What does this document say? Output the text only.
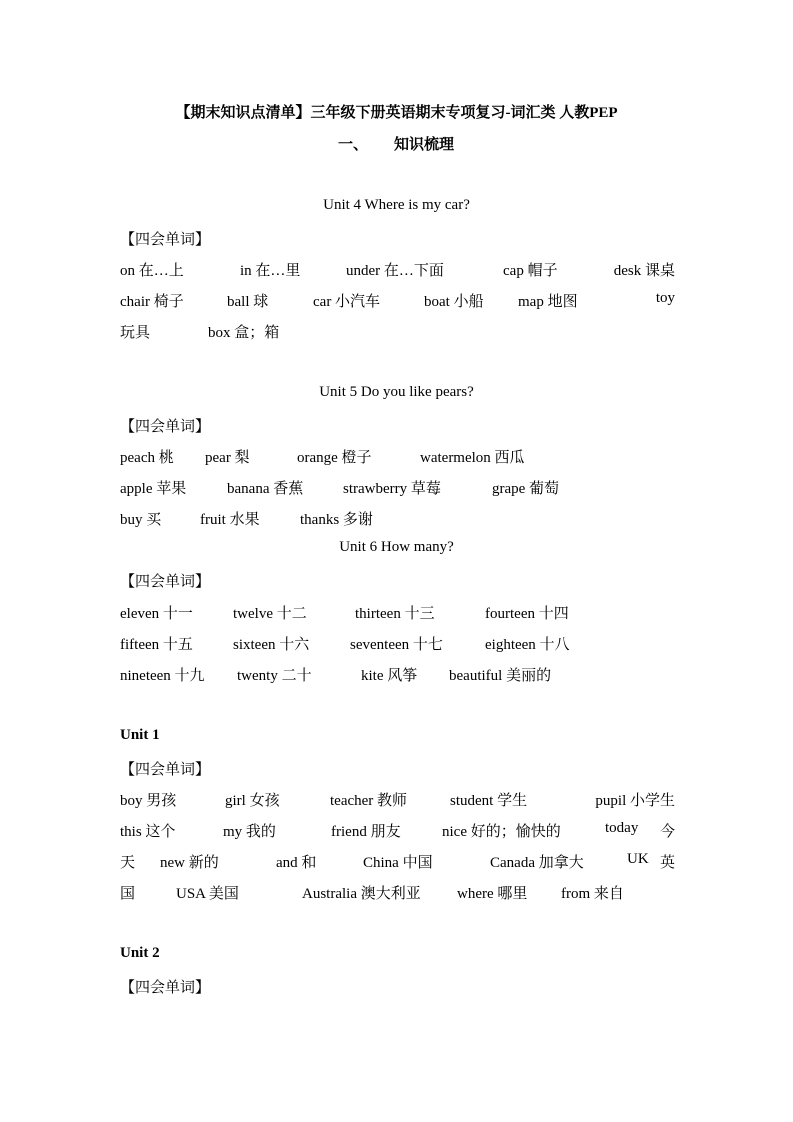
【期末知识点清单】三年级下册英语期末专项复习-词汇类 人教PEP
一、 知识梳理
Unit 4 Where is my car?
【四会单词】
on 在…上	in 在…里	under 在…下面	cap 帽子	desk 课桌
chair 椅子	ball 球	car 小汽车	boat 小船 map 地图	toy
玩具	box 盒；箱
Unit 5 Do you like pears?
【四会单词】
peach 桃 pear 梨	orange 橙子	watermelon 西瓜
apple 苹果	banana 香蕉	strawberry 草莓	grape 葡萄
buy 买	fruit 水果	thanks 多谢
Unit 6 How many?
【四会单词】
eleven 十一	twelve 十二	thirteen 十三	fourteen 十四
fifteen 十五	sixteen 十六	seventeen 十七	eighteen 十八
nineteen 十九 twenty 二十	kite 风筝 beautiful 美丽的
Unit 1
【四会单词】
boy 男孩	girl 女孩	teacher 教师	student 学生	pupil 小学生
this 这个	my 我的	friend 朋友	nice 好的；愉快的	today 今
天 new 新的	and 和	China 中国	Canada 加拿大	UK 英
国	USA 美国	Australia 澳大利亚 where 哪里 from 来自
Unit 2
【四会单词】
